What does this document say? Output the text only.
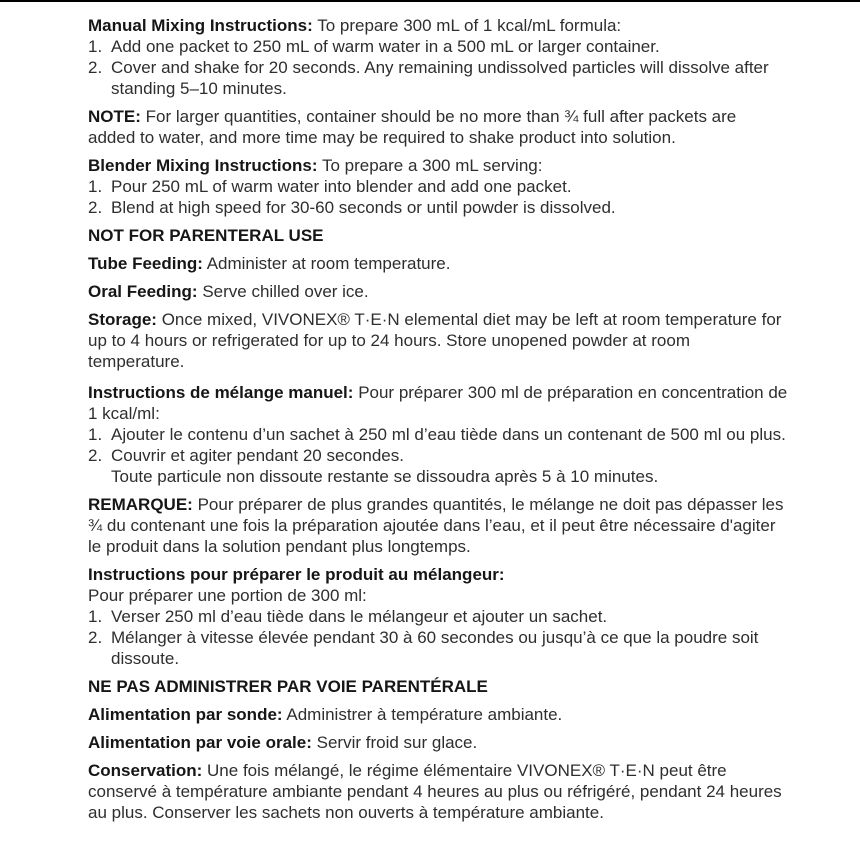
Manual Mixing Instructions: To prepare 300 mL of 1 kcal/mL formula:

1. Add one packet to 250 mL of warm water in a 500 mL or larger container.

2. Cover and shake for 20 seconds. Any remaining undissolved particles will dissolve after standing 5–10 minutes.

NOTE: For larger quantities, container should be no more than ¾ full after packets are added to water, and more time may be required to shake product into solution.

Blender Mixing Instructions: To prepare a 300 mL serving:

1. Pour 250 mL of warm water into blender and add one packet.

2. Blend at high speed for 30-60 seconds or until powder is dissolved.

NOT FOR PARENTERAL USE

Tube Feeding: Administer at room temperature.

Oral Feeding: Serve chilled over ice.

Storage: Once mixed, VIVONEX® T·E·N elemental diet may be left at room temperature for up to 4 hours or refrigerated for up to 24 hours. Store unopened powder at room temperature.

Instructions de mélange manuel: Pour préparer 300 ml de préparation en concentration de 1 kcal/ml:

1. Ajouter le contenu d’un sachet à 250 ml d’eau tiède dans un contenant de 500 ml ou plus.

2. Couvrir et agiter pendant 20 secondes.
Toute particule non dissoute restante se dissoudra après 5 à 10 minutes.

REMARQUE: Pour préparer de plus grandes quantités, le mélange ne doit pas dépasser les ¾ du contenant une fois la préparation ajoutée dans l’eau, et il peut être nécessaire d'agiter le produit dans la solution pendant plus longtemps.

Instructions pour préparer le produit au mélangeur:
Pour préparer une portion de 300 ml:

1. Verser 250 ml d’eau tiède dans le mélangeur et ajouter un sachet.

2. Mélanger à vitesse élevée pendant 30 à 60 secondes ou jusqu’à ce que la poudre soit dissoute.

NE PAS ADMINISTRER PAR VOIE PARENTÉRALE

Alimentation par sonde: Administrer à température ambiante.

Alimentation par voie orale: Servir froid sur glace.

Conservation: Une fois mélangé, le régime élémentaire VIVONEX® T·E·N peut être conservé à température ambiante pendant 4 heures au plus ou réfrigéré, pendant 24 heures au plus. Conserver les sachets non ouverts à température ambiante.
